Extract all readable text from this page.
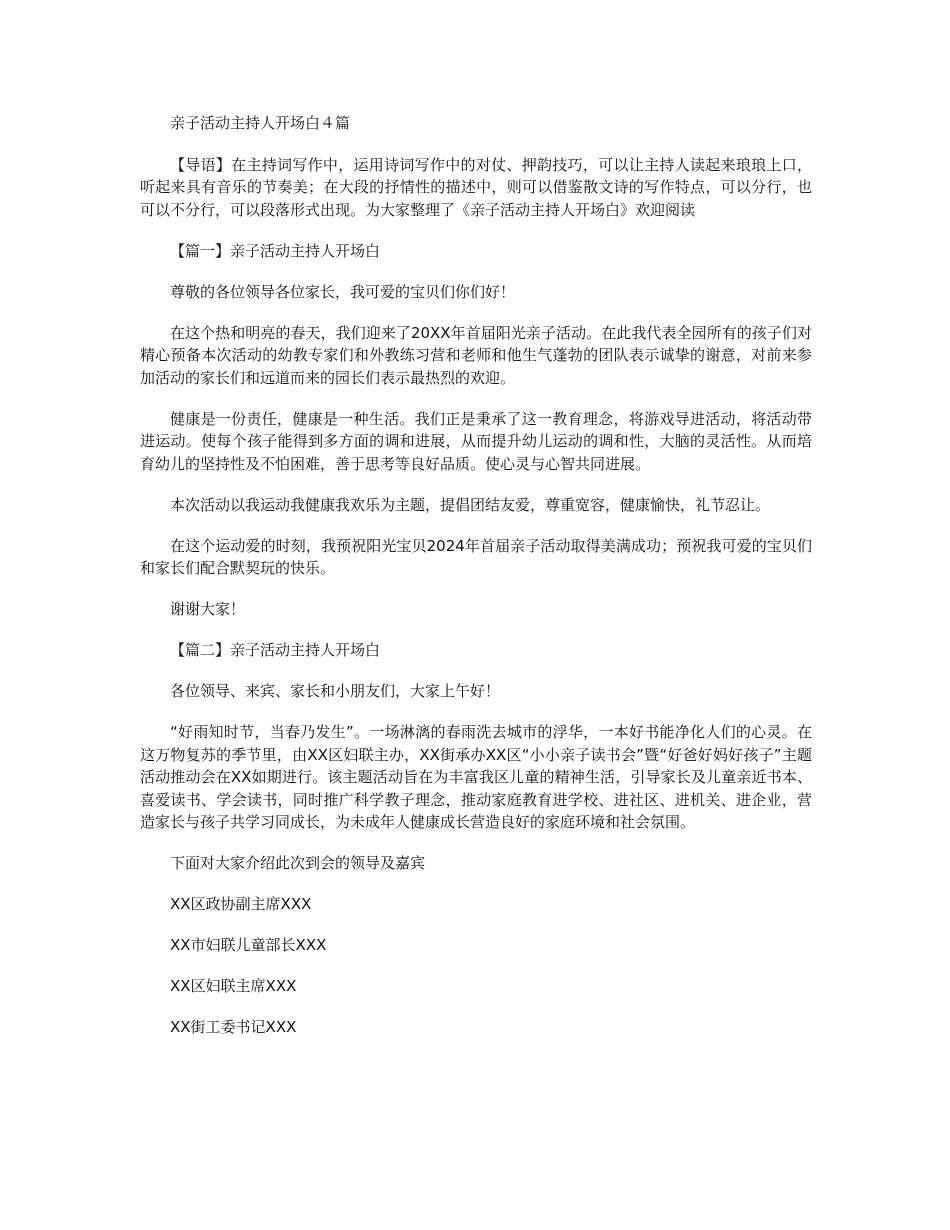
亲子活动主持人开场白４篇

【导语】在主持词写作中，运用诗词写作中的对仗、押韵技巧，可以让主持人读起来琅琅上口，听起来具有音乐的节奏美；在大段的抒情性的描述中，则可以借鉴散文诗的写作特点，可以分行，也可以不分行，可以段落形式出现。为大家整理了《亲子活动主持人开场白》欢迎阅读

【篇一】亲子活动主持人开场白

尊敬的各位领导各位家长，我可爱的宝贝们你们好！

在这个热和明亮的春天，我们迎来了20XX年首届阳光亲子活动。在此我代表全园所有的孩子们对精心预备本次活动的幼教专家们和外教练习营和老师和他生气蓬勃的团队表示诚挚的谢意，对前来参加活动的家长们和远道而来的园长们表示最热烈的欢迎。

健康是一份责任，健康是一种生活。我们正是秉承了这一教育理念，将游戏导进活动，将活动带进运动。使每个孩子能得到多方面的调和进展，从而提升幼儿运动的调和性，大脑的灵活性。从而培育幼儿的坚持性及不怕困难，善于思考等良好品质。使心灵与心智共同进展。

本次活动以我运动我健康我欢乐为主题，提倡团结友爱，尊重宽容，健康愉快，礼节忍让。

在这个运动爱的时刻，我预祝阳光宝贝2024年首届亲子活动取得美满成功；预祝我可爱的宝贝们和家长们配合默契玩的快乐。

谢谢大家！

【篇二】亲子活动主持人开场白

各位领导、来宾、家长和小朋友们，大家上午好！

“好雨知时节，当春乃发生”。一场淋漓的春雨洗去城市的浮华，一本好书能净化人们的心灵。在这万物复苏的季节里，由XX区妇联主办，XX街承办XX区“小小亲子读书会”暨“好爸好妈好孩子”主题活动推动会在XX如期进行。该主题活动旨在为丰富我区儿童的精神生活，引导家长及儿童亲近书本、喜爱读书、学会读书，同时推广科学教子理念，推动家庭教育进学校、进社区、进机关、进企业，营造家长与孩子共学习同成长，为未成年人健康成长营造良好的家庭环境和社会氛围。

下面对大家介绍此次到会的领导及嘉宾

XX区政协副主席XXX

XX市妇联儿童部长XXX

XX区妇联主席XXX

XX街工委书记XXX
